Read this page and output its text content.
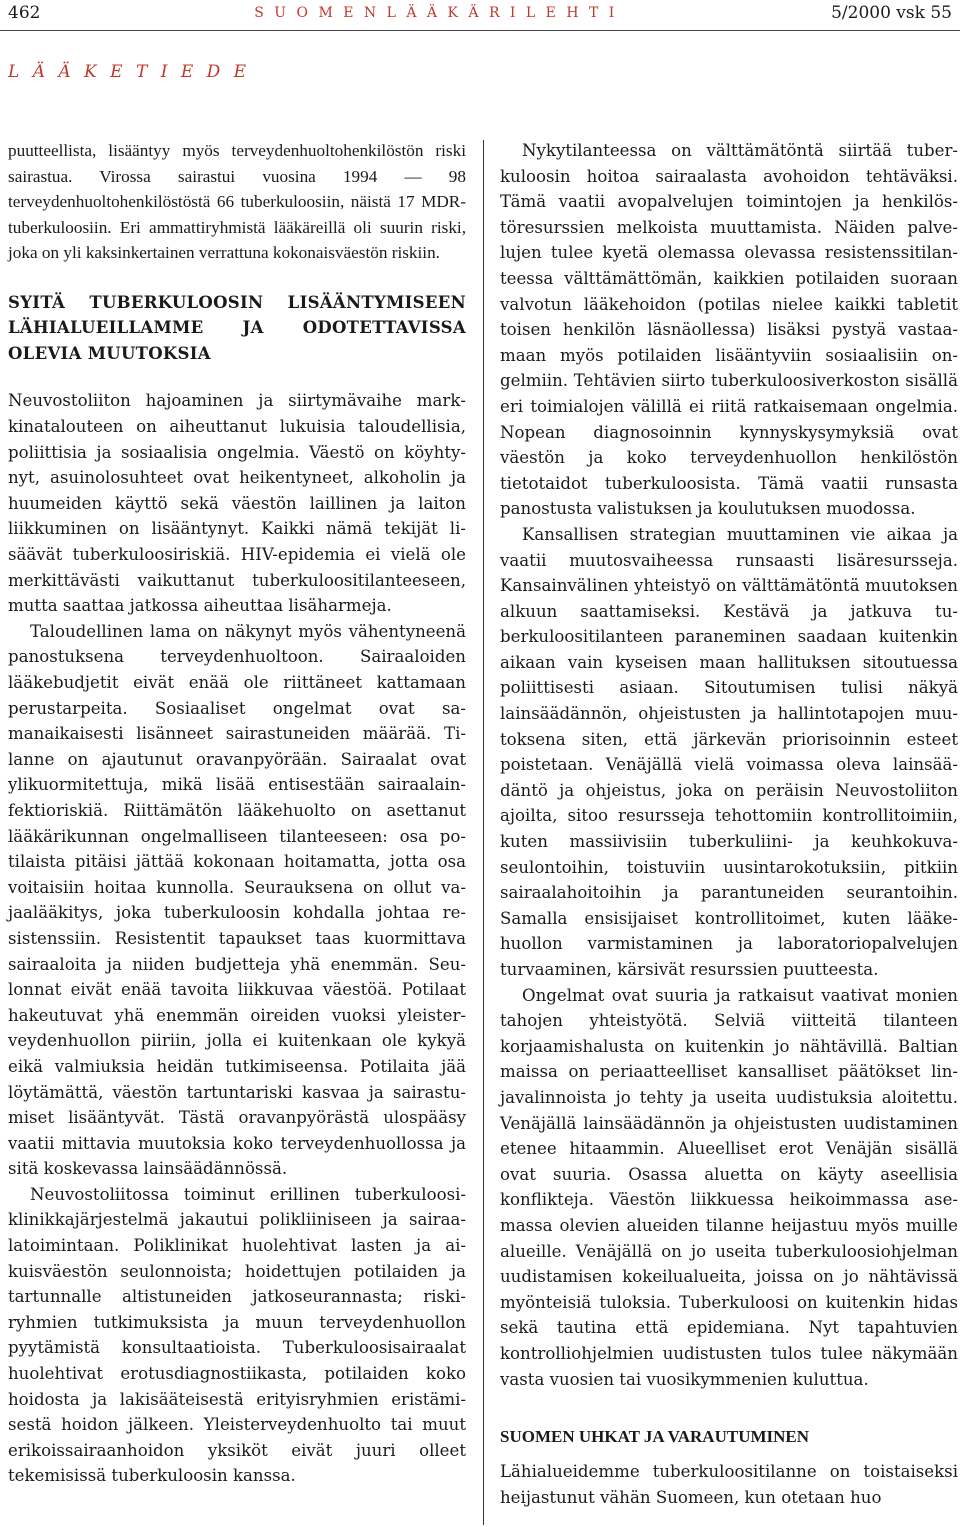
462	S U O M E N L Ä Ä K Ä R I L E H T I	5/2000 vsk 55
L Ä Ä K E T I E D E

puutteellista, lisääntyy myös terveydenhuoltohenkilöstön riski sairastua. Virossa sairastui vuosina 1994 — 98 terveydenhuoltohenkilöstöstä 66 tuberkuloosiin, näistä 17 MDR-tuberkuloosiin. Eri ammattiryhmistä lääkäreillä oli suurin riski, joka on yli kaksinkertainen verrattuna kokonaisväestön riskiin.

SYITÄ TUBERKULOOSIN LISÄÄNTYMISEEN LÄHIALUEILLAMME JA ODOTETTAVISSA OLEVIA MUUTOKSIA

Neuvostoliiton hajoaminen ja siirtymävaihe markkinatalouteen on aiheuttanut lukuisia taloudellisia, poliittisia ja sosiaalisia ongelmia. Väestö on köyhtynyt, asuinolosuhteet ovat heikentyneet, alkoholin ja huumeiden käyttö sekä väestön laillinen ja laiton liikkuminen on lisääntynyt. Kaikki nämä tekijät lisäävät tuberkuloosiriskiä. HIV-epidemia ei vielä ole merkittävästi vaikuttanut tuberkuloositilanteeseen, mutta saattaa jatkossa aiheuttaa lisäharmeja.

Taloudellinen lama on näkynyt myös vähentyneenä panostuksena terveydenhuoltoon. Sairaaloiden lääkebudjetit eivät enää ole riittäneet kattamaan perustarpeita. Sosiaaliset ongelmat ovat samanaikaisesti lisänneet sairastuneiden määrää. Tilanne on ajautunut oravanpyörään. Sairaalat ovat ylikuormitettuja, mikä lisää entisestään sairaalainfektioriskiä. Riittämätön lääkehuolto on asettanut lääkärikunnan ongelmalliseen tilanteeseen: osa potilaista pitäisi jättää kokonaan hoitamatta, jotta osa voitaisiin hoitaa kunnolla. Seurauksena on ollut vajaalääkitys, joka tuberkuloosin kohdalla johtaa resistenssiin. Resistentit tapaukset taas kuormittava sairaaloita ja niiden budjetteja yhä enemmän. Seulonnat eivät enää tavoita liikkuvaa väestöä. Potilaat hakeutuvat yhä enemmän oireiden vuoksi yleisterveydenhuollon piiriin, jolla ei kuitenkaan ole kykyä eikä valmiuksia heidän tutkimiseensa. Potilaita jää löytämättä, väestön tartuntariski kasvaa ja sairastumiset lisääntyvät. Tästä oravanpyörästä ulospääsy vaatii mittavia muutoksia koko terveydenhuollossa ja sitä koskevassa lainsäädännössä.

Neuvostoliitossa toiminut erillinen tuberkuloosiklinikkajärjestelmä jakautui polikliiniseen ja sairaalatoimintaan. Poliklinikat huolehtivat lasten ja aikuisväestön seulonnoista; hoidettujen potilaiden ja tartunnalle altistuneiden jatkoseurannasta; riskiryhmien tutkimuksista ja muun terveydenhuollon pyytämistä konsultaatioista. Tuberkuloosisairaalat huolehtivat erotusdiagnostiikasta, potilaiden koko hoidosta ja lakisääteisestä erityisryhmien eristämisestä hoidon jälkeen. Yleisterveydenhuolto tai muut erikoissairaanhoidon yksiköt eivät juuri olleet tekemisissä tuberkuloosin kanssa.

Nykytilanteessa on välttämätöntä siirtää tuberkuloosin hoitoa sairaalasta avohoidon tehtäväksi. Tämä vaatii avopalvelujen toimintojen ja henkilöstöresurssien melkoista muuttamista. Näiden palvelujen tulee kyetä olemassa olevassa resistenssitilanteessa välttämättömän, kaikkien potilaiden suoraan valvotun lääkehoidon (potilas nielee kaikki tabletit toisen henkilön läsnäollessa) lisäksi pystyä vastaamaan myös potilaiden lisääntyviin sosiaalisiin ongelmiin. Tehtävien siirto tuberkuloosiverkoston sisällä eri toimialojen välillä ei riitä ratkaisemaan ongelmia. Nopean diagnosoinnin kynnyskysymyksiä ovat väestön ja koko terveydenhuollon henkilöstön tietotaidot tuberkuloosista. Tämä vaatii runsasta panostusta valistuksen ja koulutuksen muodossa.

Kansallisen strategian muuttaminen vie aikaa ja vaatii muutosvaiheessa runsaasti lisäresursseja. Kansainvälinen yhteistyö on välttämätöntä muutoksen alkuun saattamiseksi. Kestävä ja jatkuva tuberkuloositilanteen paraneminen saadaan kuitenkin aikaan vain kyseisen maan hallituksen sitoutuessa poliittisesti asiaan. Sitoutumisen tulisi näkyä lainsäädännön, ohjeistusten ja hallintotapojen muutoksena siten, että järkevän priorisoinnin esteet poistetaan. Venäjällä vielä voimassa oleva lainsäädäntö ja ohjeistus, joka on peräisin Neuvostoliiton ajoilta, sitoo resursseja tehottomiin kontrollitoimiin, kuten massiivisiin tuberkuliini- ja keuhkokuvaseulontoihin, toistuviin uusintarokotuksiin, pitkiin sairaalahoitoihin ja parantuneiden seurantoihin. Samalla ensisijaiset kontrollitoimet, kuten lääkehuollon varmistaminen ja laboratoriopalvelujen turvaaminen, kärsivät resurssien puutteesta.

Ongelmat ovat suuria ja ratkaisut vaativat monien tahojen yhteistyötä. Selviä viitteitä tilanteen korjaamishalusta on kuitenkin jo nähtävillä. Baltian maissa on periaatteelliset kansalliset päätökset linjavalinnoista jo tehty ja useita uudistuksia aloitettu. Venäjällä lainsäädännön ja ohjeistusten uudistaminen etenee hitaammin. Alueelliset erot Venäjän sisällä ovat suuria. Osassa aluetta on käyty aseellisia konflikteja. Väestön liikkuessa heikoimmassa asemassa olevien alueiden tilanne heijastuu myös muille alueille. Venäjällä on jo useita tuberkuloosiohjelman uudistamisen kokeilualueita, joissa on jo nähtävissä myönteisiä tuloksia. Tuberkuloosi on kuitenkin hidas sekä tautina että epidemiana. Nyt tapahtuvien kontrolliohjelmien uudistusten tulos tulee näkymään vasta vuosien tai vuosikymmenien kuluttua.

SUOMEN UHKAT JA VARAUTUMINEN

Lähialueidemme tuberkuloositilanne on toistaiseksi heijastunut vähän Suomeen, kun otetaan huo
